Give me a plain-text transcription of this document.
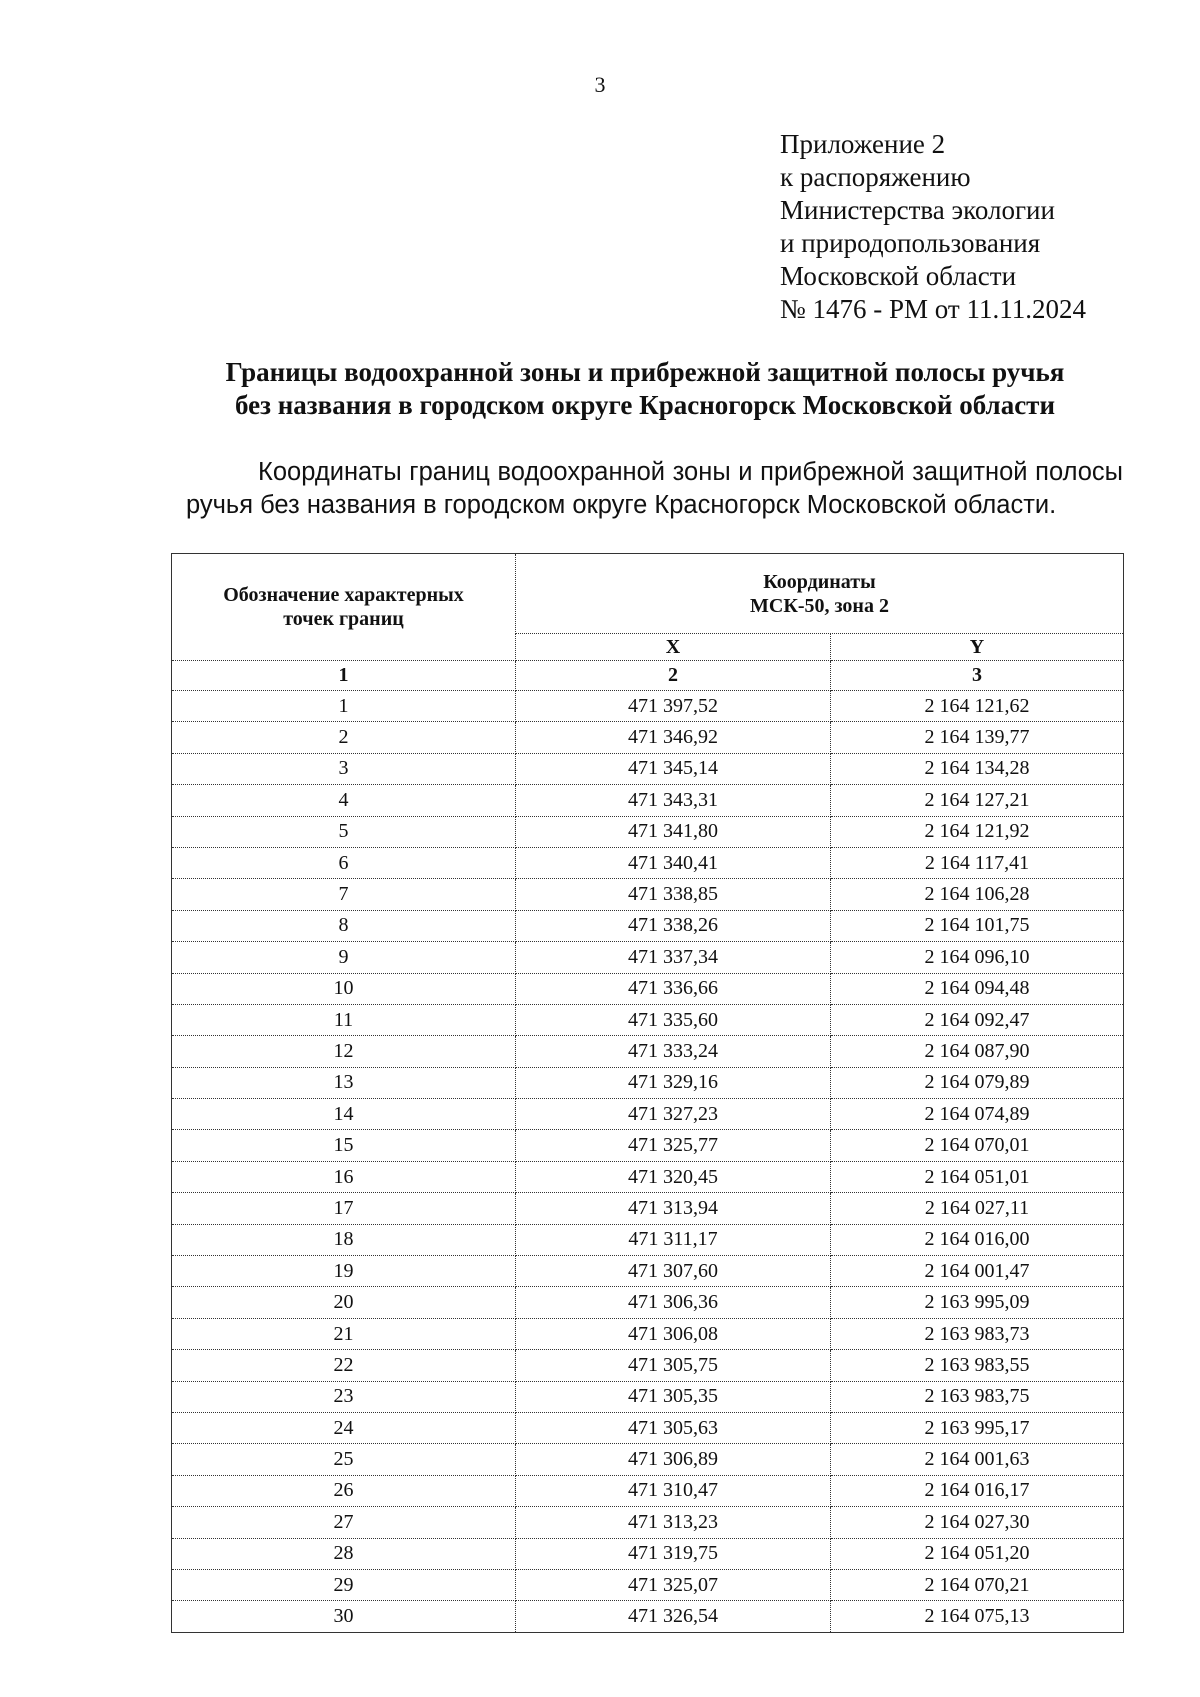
3
Приложение 2
к распоряжению
Министерства экологии
и природопользования
Московской области
№ 1476 - РМ от 11.11.2024
Границы водоохранной зоны и прибрежной защитной полосы ручья
без названия в городском округе Красногорск Московской области
Координаты границ водоохранной зоны и прибрежной защитной полосы ручья без названия в городском округе Красногорск Московской области.
Обозначение характерных точек границ	Координаты
МСК-50, зона 2	

	X	Y
1	2	3
1	471 397,52	2 164 121,62
2	471 346,92	2 164 139,77
3	471 345,14	2 164 134,28
4	471 343,31	2 164 127,21
5	471 341,80	2 164 121,92
6	471 340,41	2 164 117,41
7	471 338,85	2 164 106,28
8	471 338,26	2 164 101,75
9	471 337,34	2 164 096,10
10	471 336,66	2 164 094,48
11	471 335,60	2 164 092,47
12	471 333,24	2 164 087,90
13	471 329,16	2 164 079,89
14	471 327,23	2 164 074,89
15	471 325,77	2 164 070,01
16	471 320,45	2 164 051,01
17	471 313,94	2 164 027,11
18	471 311,17	2 164 016,00
19	471 307,60	2 164 001,47
20	471 306,36	2 163 995,09
21	471 306,08	2 163 983,73
22	471 305,75	2 163 983,55
23	471 305,35	2 163 983,75
24	471 305,63	2 163 995,17
25	471 306,89	2 164 001,63
26	471 310,47	2 164 016,17
27	471 313,23	2 164 027,30
28	471 319,75	2 164 051,20
29	471 325,07	2 164 070,21
30	471 326,54	2 164 075,13
